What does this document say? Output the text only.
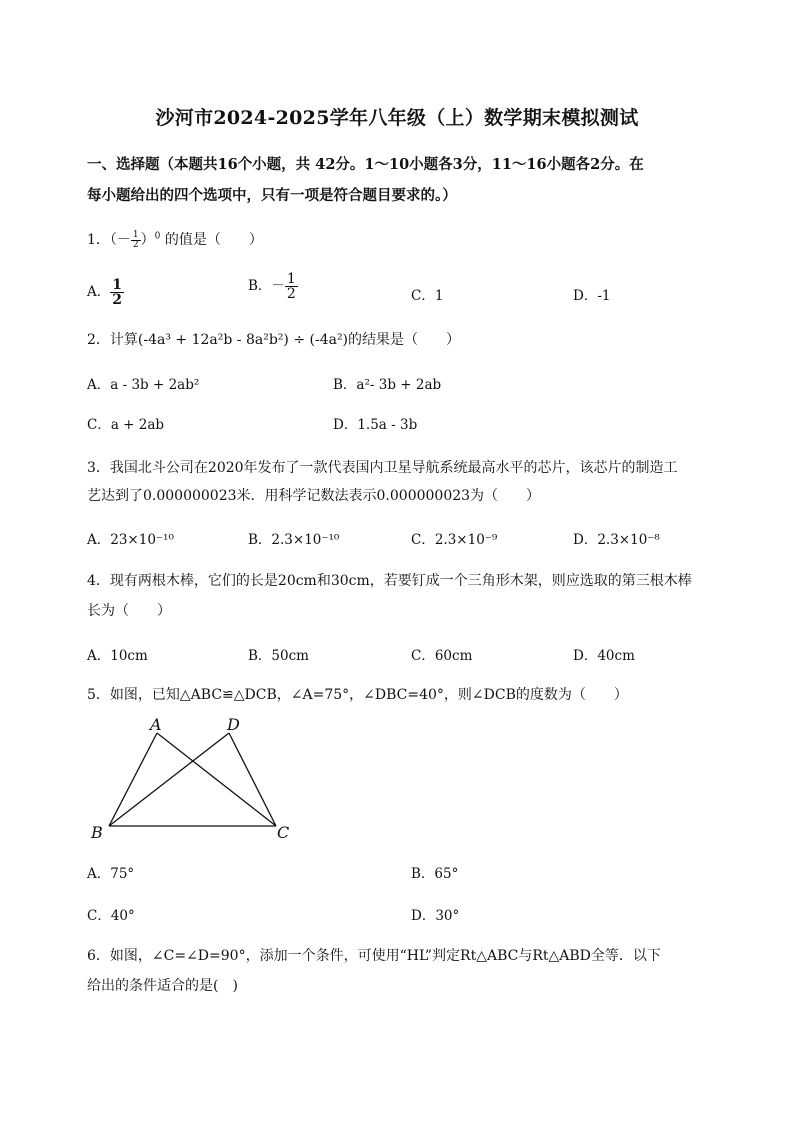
沙河市2024-2025学年八年级（上）数学期末模拟测试
一、选择题（本题共16个小题，共 42分。1～10小题各3分，11～16小题各2分。在
每小题给出的四个选项中，只有一项是符合题目要求的。）
1．（－ $\frac{1}{2} )^0$ 的值是（　　）
A． $\frac{1}{2}$	B．－ $\frac{1}{2}$	C．1	D．-1
2．计算(-4a³ + 12a²b - 8a²b²) ÷ (-4a²)的结果是（　　）
A．a - 3b + 2ab²	B．a²- 3b + 2ab
C．a + 2ab	D．1.5a - 3b
3．我国北斗公司在2020年发布了一款代表国内卫星导航系统最高水平的芯片，该芯片的制造工
艺达到了0.000000023米．用科学记数法表示0.000000023为（　　）
A．23×10⁻¹⁰	B．2.3×10⁻¹⁰	C．2.3×10⁻⁹	D．2.3×10⁻⁸
4．现有两根木棒，它们的长是20cm和30cm，若要钉成一个三角形木架，则应选取的第三根木棒
长为（　　）
A．10cm	B．50cm	C．60cm	D．40cm
5．如图，已知△ABC≌△DCB，∠A=75°，∠DBC=40°，则∠DCB的度数为（　　）
A	D
B	C
A．75°	B．65°
C．40°	D．30°
6．如图，∠C=∠D=90°，添加一个条件，可使用“HL”判定Rt△ABC与Rt△ABD全等．以下
给出的条件适合的是(　)
